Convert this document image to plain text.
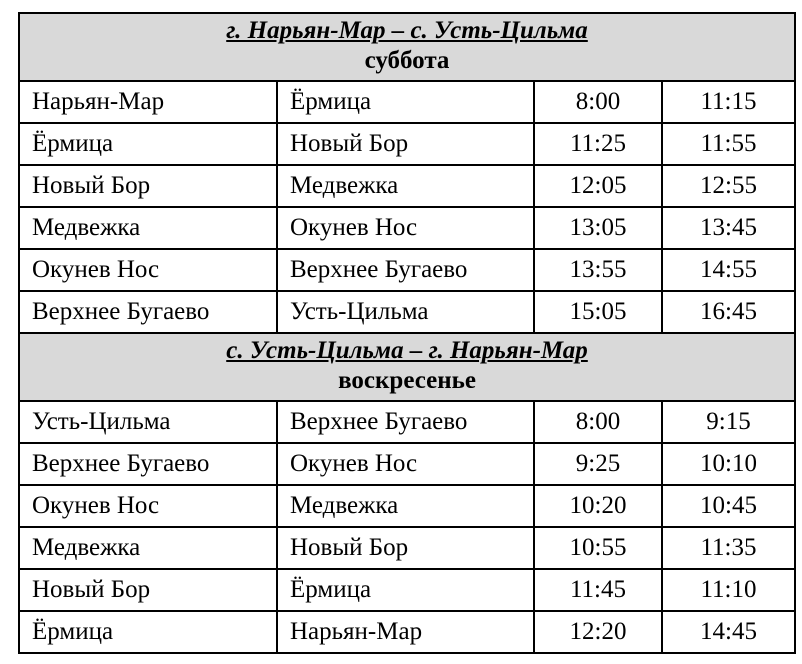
г. Нарьян-Мар – с. Усть-Цильма
суббота			

Нарьян-Мар	Ёрмица	8:00	11:15
Ёрмица	Новый Бор	11:25	11:55
Новый Бор	Медвежка	12:05	12:55
Медвежка	Окунев Нос	13:05	13:45
Окунев Нос	Верхнее Бугаево	13:55	14:55
Верхнее Бугаево	Усть-Цильма	15:05	16:45

с. Усть-Цильма – г. Нарьян-Мар
воскресенье			

Усть-Цильма	Верхнее Бугаево	8:00	9:15
Верхнее Бугаево	Окунев Нос	9:25	10:10
Окунев Нос	Медвежка	10:20	10:45
Медвежка	Новый Бор	10:55	11:35
Новый Бор	Ёрмица	11:45	11:10
Ёрмица	Нарьян-Мар	12:20	14:45
